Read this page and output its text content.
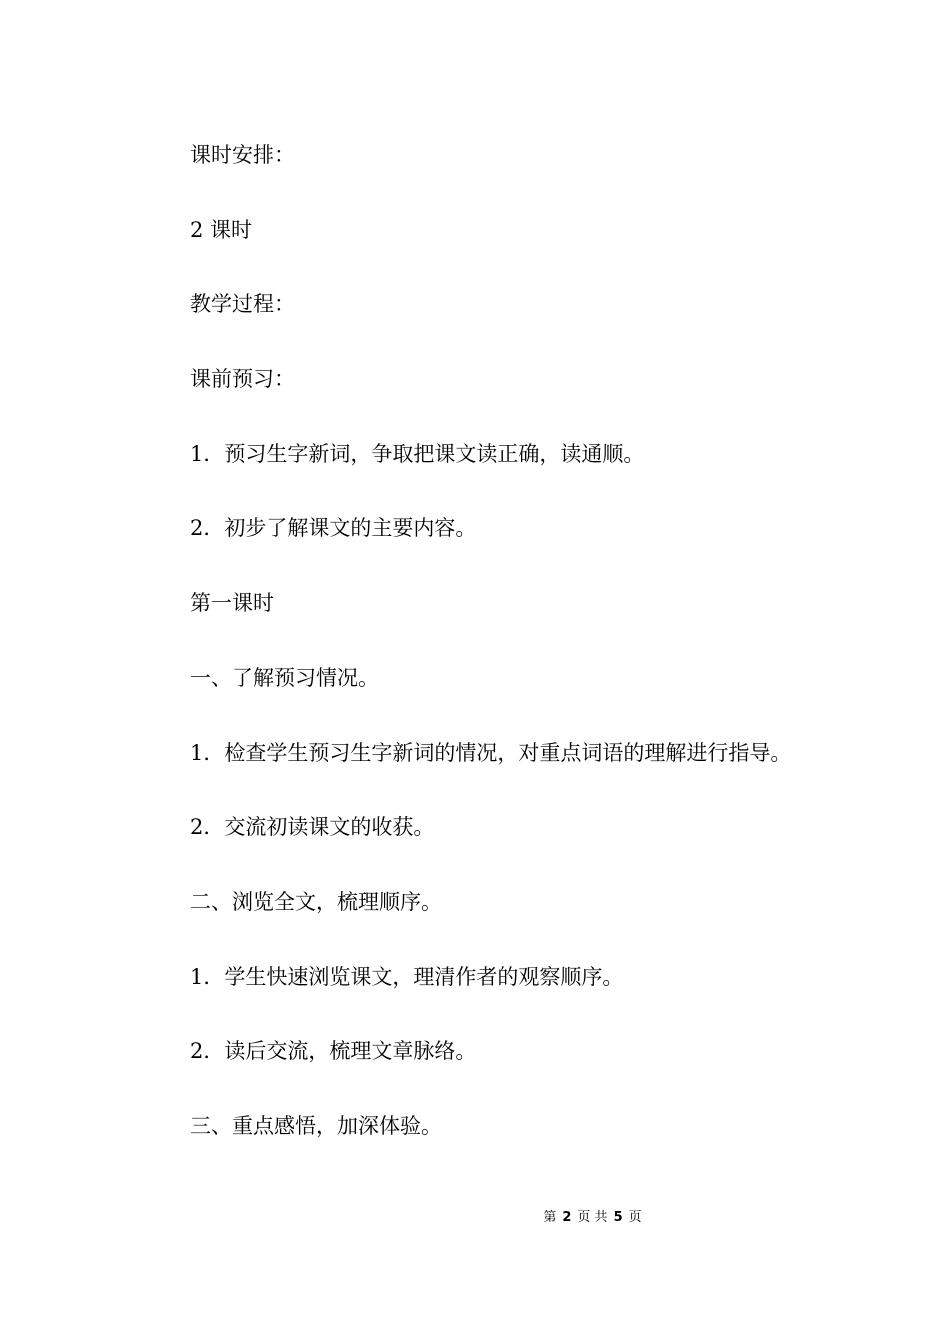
课时安排：
2 课时
教学过程：
课前预习：
1．预习生字新词，争取把课文读正确，读通顺。
2．初步了解课文的主要内容。
第一课时
一、了解预习情况。
1．检查学生预习生字新词的情况，对重点词语的理解进行指导。
2．交流初读课文的收获。
二、浏览全文，梳理顺序。
1．学生快速浏览课文，理清作者的观察顺序。
2．读后交流，梳理文章脉络。
三、重点感悟，加深体验。
第 2 页 共 5 页
